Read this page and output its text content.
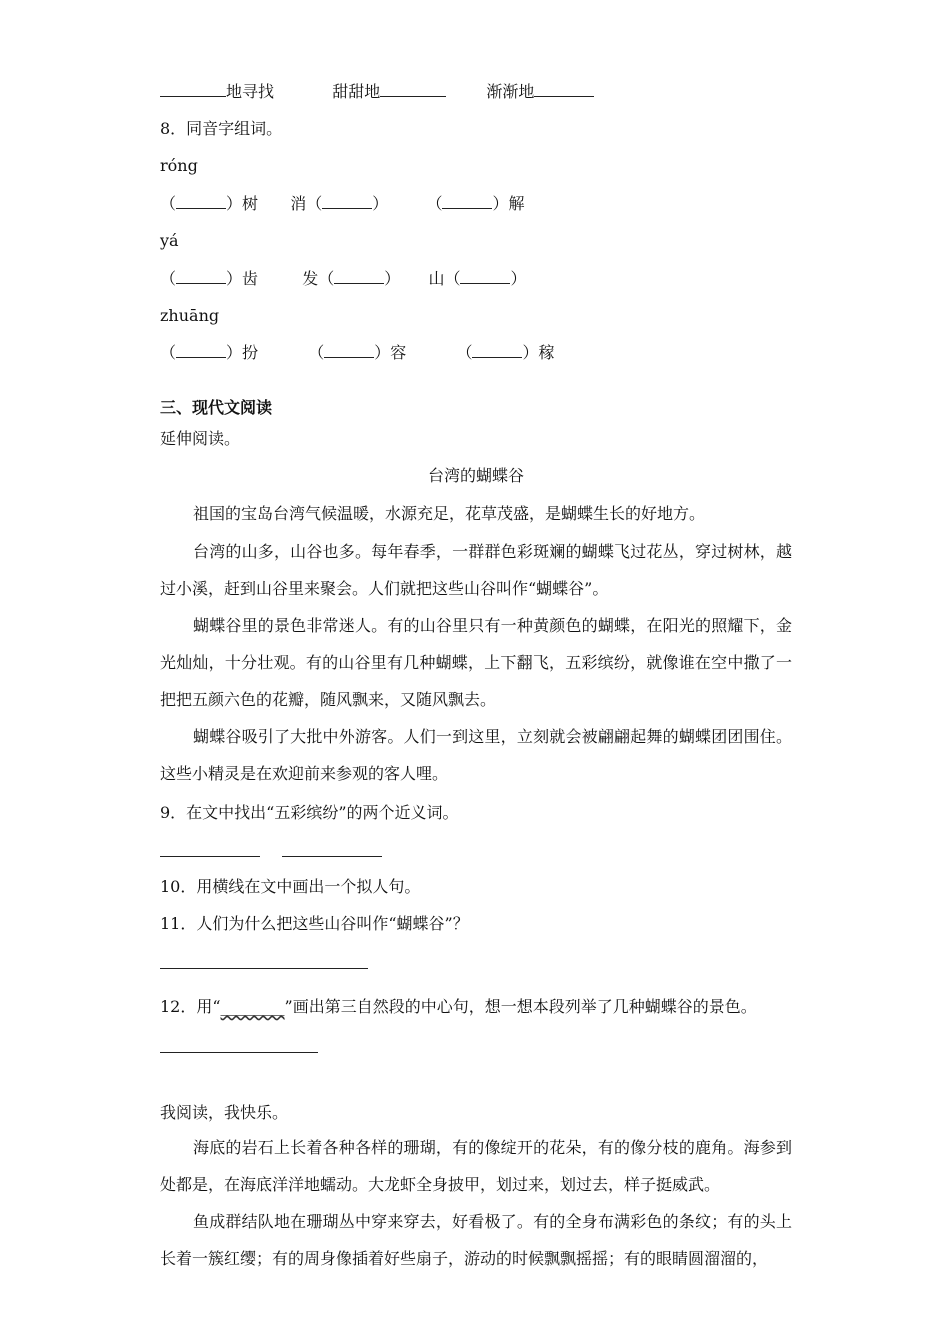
地寻找	甜甜地	渐渐地
8．同音字组词。
róng
（	）树 消（	）  （	）解
yá
（	）齿	发（	）  山（	）
zhuāng
（	）扮	（	）容	（	）稼
三、现代文阅读
延伸阅读。
台湾的蝴蝶谷
祖国的宝岛台湾气候温暖，水源充足，花草茂盛，是蝴蝶生长的好地方。
台湾的山多，山谷也多。每年春季，一群群色彩斑斓的蝴蝶飞过花丛，穿过树林，越过小溪，赶到山谷里来聚会。人们就把这些山谷叫作“蝴蝶谷”。
蝴蝶谷里的景色非常迷人。有的山谷里只有一种黄颜色的蝴蝶，在阳光的照耀下，金光灿灿，十分壮观。有的山谷里有几种蝴蝶，上下翻飞，五彩缤纷，就像谁在空中撒了一把把五颜六色的花瓣，随风飘来，又随风飘去。
蝴蝶谷吸引了大批中外游客。人们一到这里，立刻就会被翩翩起舞的蝴蝶团团围住。这些小精灵是在欢迎前来参观的客人哩。
9．在文中找出“五彩缤纷”的两个近义词。

10．用横线在文中画出一个拟人句。
11．人们为什么把这些山谷叫作“蝴蝶谷”？
12．用“________”画出第三自然段的中心句，想一想本段列举了几种蝴蝶谷的景色。
我阅读，我快乐。
海底的岩石上长着各种各样的珊瑚，有的像绽开的花朵，有的像分枝的鹿角。海参到处都是，在海底洋洋地蠕动。大龙虾全身披甲，划过来，划过去，样子挺威武。
鱼成群结队地在珊瑚丛中穿来穿去，好看极了。有的全身布满彩色的条纹；有的头上长着一簇红缨；有的周身像插着好些扇子，游动的时候飘飘摇摇；有的眼睛圆溜溜的，
